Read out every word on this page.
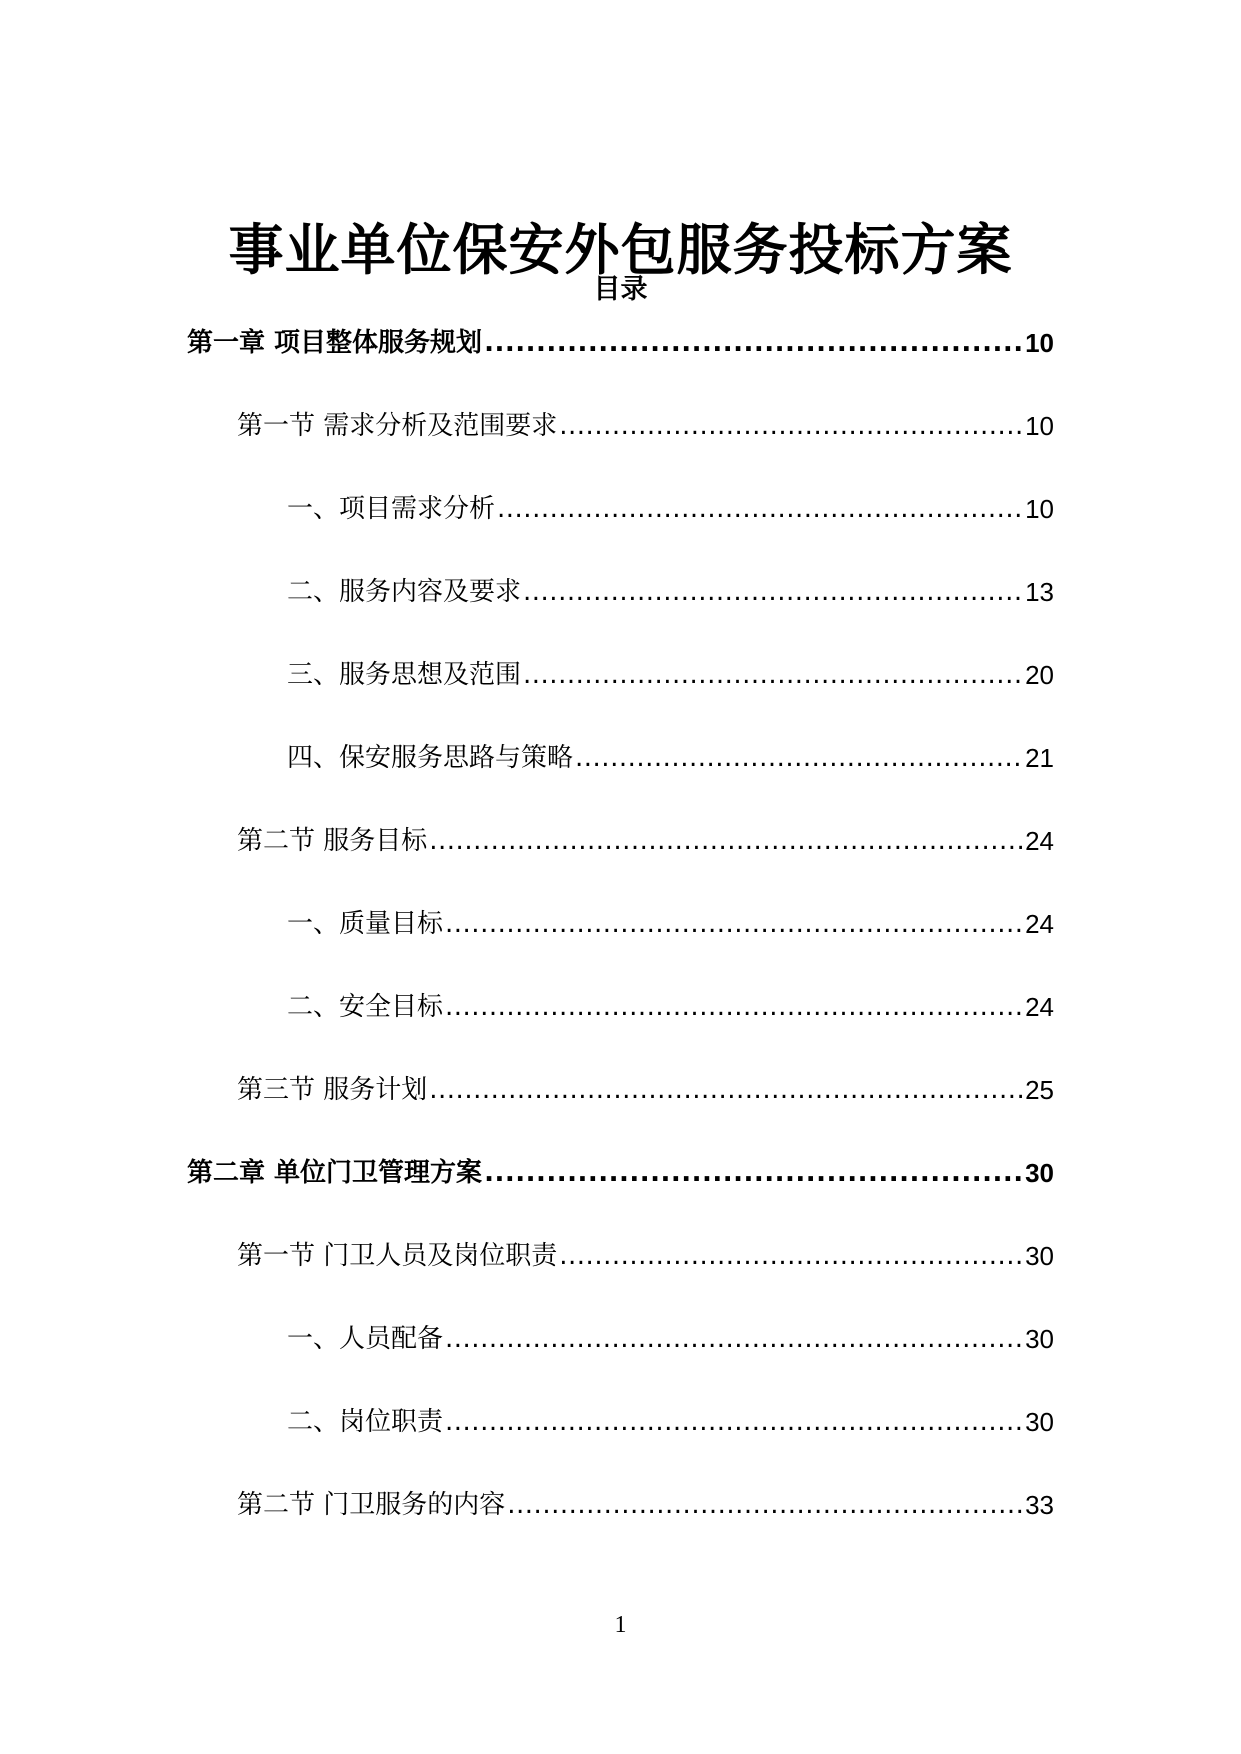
事业单位保安外包服务投标方案
目录
第一章 项目整体服务规划 .....	10
第一节 需求分析及范围要求 .....	10
一、项目需求分析 .....	10
二、服务内容及要求 .....	13
三、服务思想及范围 .....	20
四、保安服务思路与策略 .....	21
第二节 服务目标 .....	24
一、质量目标 .....	24
二、安全目标 .....	24
第三节 服务计划 .....	25
第二章 单位门卫管理方案 .....	30
第一节 门卫人员及岗位职责 .....	30
一、人员配备 .....	30
二、岗位职责 .....	30
第二节 门卫服务的内容 .....	33
1
